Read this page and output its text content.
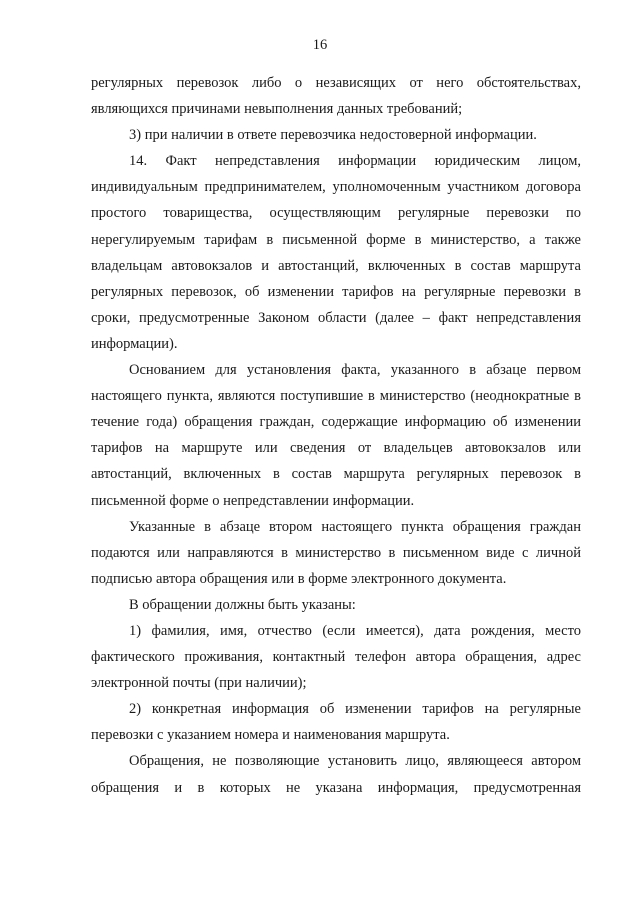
16

регулярных перевозок либо о независящих от него обстоятельствах, являющихся причинами невыполнения данных требований;

3) при наличии в ответе перевозчика недостоверной информации.

14. Факт непредставления информации юридическим лицом, индивидуальным предпринимателем, уполномоченным участником договора простого товарищества, осуществляющим регулярные перевозки по нерегулируемым тарифам в письменной форме в министерство, а также владельцам автовокзалов и автостанций, включенных в состав маршрута регулярных перевозок, об изменении тарифов на регулярные перевозки в сроки, предусмотренные Законом области (далее – факт непредставления информации).

Основанием для установления факта, указанного в абзаце первом настоящего пункта, являются поступившие в министерство (неоднократные в течение года) обращения граждан, содержащие информацию об изменении тарифов на маршруте или сведения от владельцев автовокзалов или автостанций, включенных в состав маршрута регулярных перевозок в письменной форме о непредставлении информации.

Указанные в абзаце втором настоящего пункта обращения граждан подаются или направляются в министерство в письменном виде с личной подписью автора обращения или в форме электронного документа.

В обращении должны быть указаны:

1) фамилия, имя, отчество (если имеется), дата рождения, место фактического проживания, контактный телефон автора обращения, адрес электронной почты (при наличии);

2) конкретная информация об изменении тарифов на регулярные перевозки с указанием номера и наименования маршрута.

Обращения, не позволяющие установить лицо, являющееся автором обращения и в которых не указана информация, предусмотренная
